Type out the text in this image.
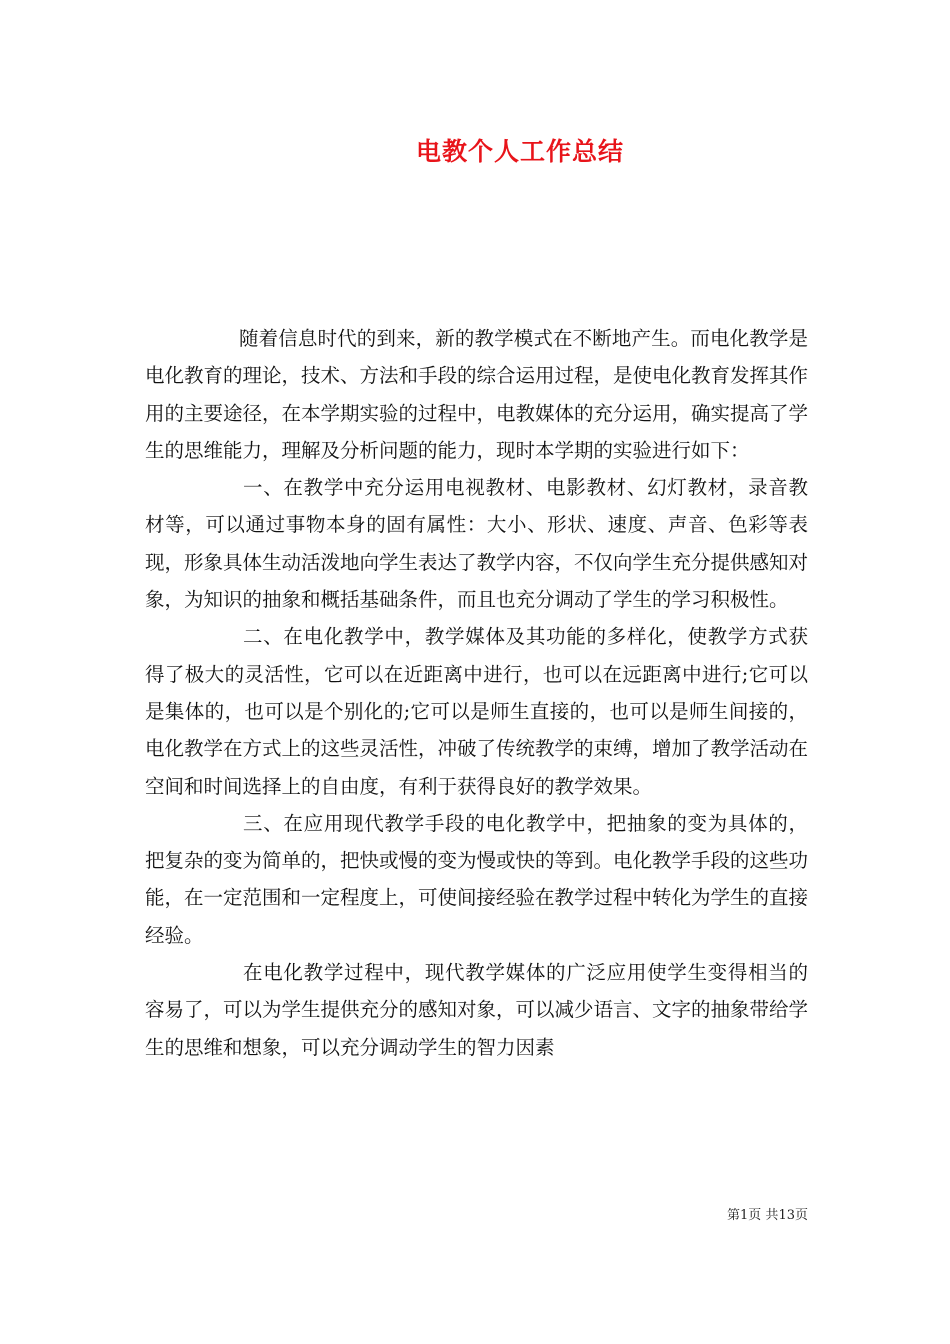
电教个人工作总结

随着信息时代的到来，新的教学模式在不断地产生。而电化教学是电化教育的理论，技术、方法和手段的综合运用过程，是使电化教育发挥其作用的主要途径，在本学期实验的过程中，电教媒体的充分运用，确实提高了学生的思维能力，理解及分析问题的能力，现时本学期的实验进行如下：

一、在教学中充分运用电视教材、电影教材、幻灯教材，录音教材等，可以通过事物本身的固有属性：大小、形状、速度、声音、色彩等表现，形象具体生动活泼地向学生表达了教学内容，不仅向学生充分提供感知对象，为知识的抽象和概括基础条件，而且也充分调动了学生的学习积极性。

二、在电化教学中，教学媒体及其功能的多样化，使教学方式获得了极大的灵活性，它可以在近距离中进行，也可以在远距离中进行;它可以是集体的，也可以是个别化的;它可以是师生直接的，也可以是师生间接的，电化教学在方式上的这些灵活性，冲破了传统教学的束缚，增加了教学活动在空间和时间选择上的自由度，有利于获得良好的教学效果。

三、在应用现代教学手段的电化教学中，把抽象的变为具体的，把复杂的变为简单的，把快或慢的变为慢或快的等到。电化教学手段的这些功能，在一定范围和一定程度上，可使间接经验在教学过程中转化为学生的直接经验。

在电化教学过程中，现代教学媒体的广泛应用使学生变得相当的容易了，可以为学生提供充分的感知对象，可以减少语言、文字的抽象带给学生的思维和想象，可以充分调动学生的智力因素

第1页 共13页
